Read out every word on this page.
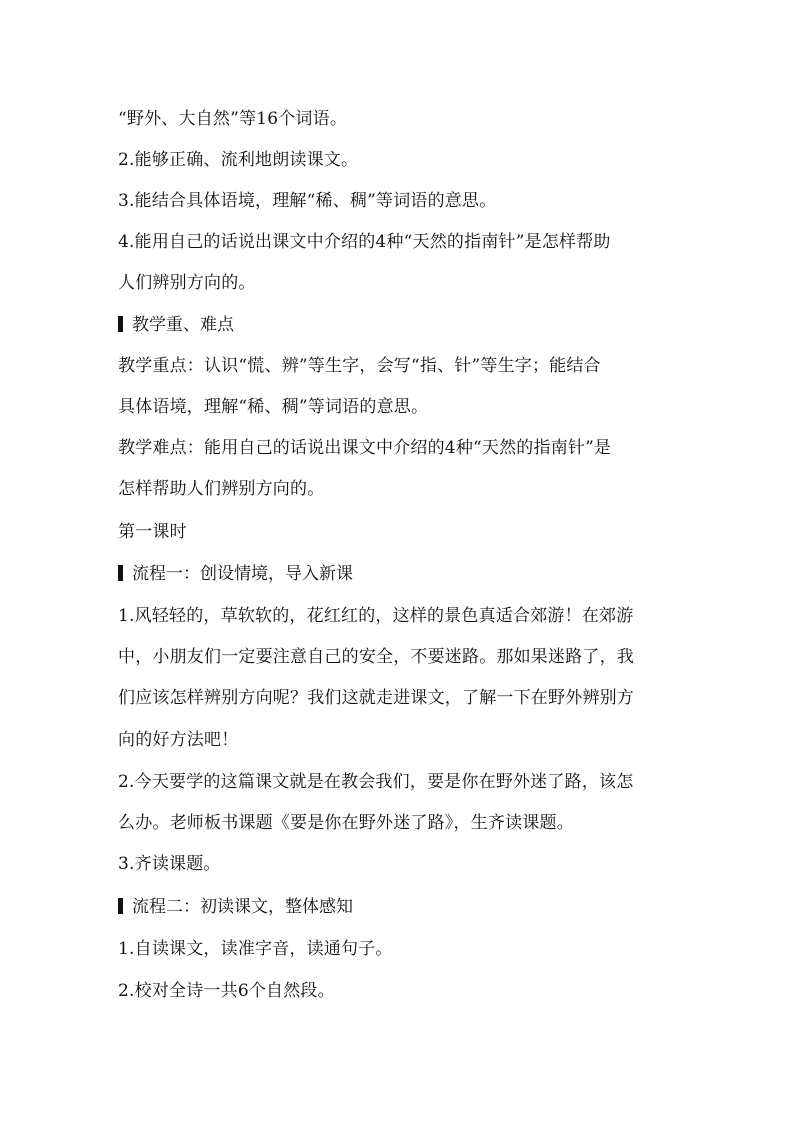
“野外、大自然”等16个词语。
2.能够正确、流利地朗读课文。
3.能结合具体语境，理解“稀、稠”等词语的意思。
4.能用自己的话说出课文中介绍的4种“天然的指南针”是怎样帮助
人们辨别方向的。
教学重、难点
教学重点：认识“慌、辨”等生字，会写“指、针”等生字；能结合
具体语境，理解“稀、稠”等词语的意思。
教学难点：能用自己的话说出课文中介绍的4种“天然的指南针”是
怎样帮助人们辨别方向的。
第一课时
流程一：创设情境，导入新课
1.风轻轻的，草软软的，花红红的，这样的景色真适合郊游！在郊游
中，小朋友们一定要注意自己的安全，不要迷路。那如果迷路了，我
们应该怎样辨别方向呢？我们这就走进课文，了解一下在野外辨别方
向的好方法吧！
2.今天要学的这篇课文就是在教会我们，要是你在野外迷了路，该怎
么办。老师板书课题《要是你在野外迷了路》，生齐读课题。
3.齐读课题。
流程二：初读课文，整体感知
1.自读课文，读准字音，读通句子。
2.校对全诗一共6个自然段。
